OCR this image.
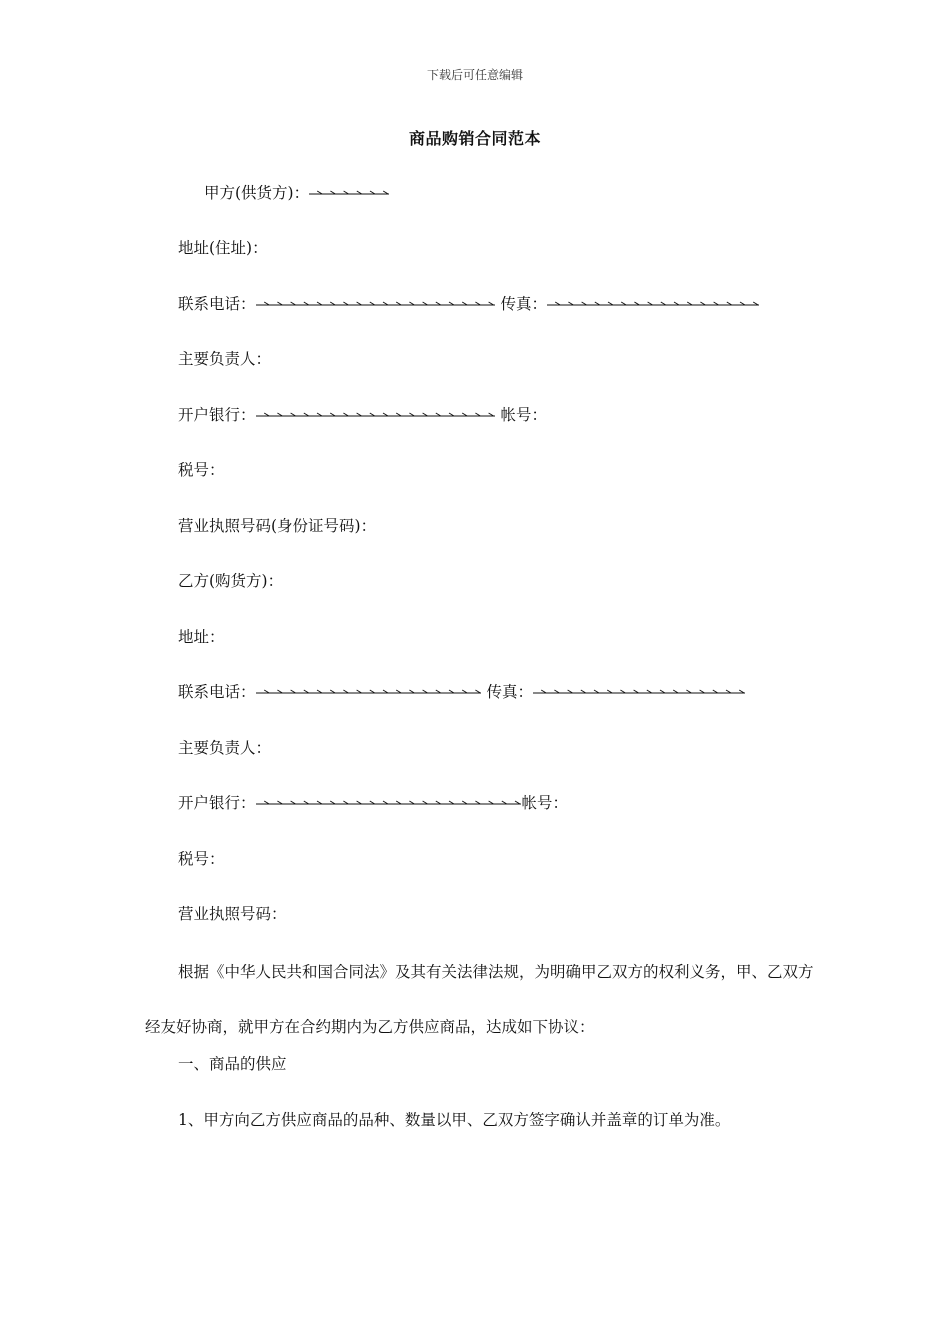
下载后可任意编辑
商品购销合同范本
甲方(供货方)：
地址(住址)：
联系电话：	传真：
主要负责人：
开户银行：	帐号：
税号：
营业执照号码(身份证号码)：
乙方(购货方)：
地址：
联系电话：	传真：
主要负责人：
开户银行：	帐号：
税号：
营业执照号码：
根据《中华人民共和国合同法》及其有关法律法规，为明确甲乙双方的权利义务，甲、乙双方经友好协商，就甲方在合约期内为乙方供应商品，达成如下协议：
一、商品的供应
1、甲方向乙方供应商品的品种、数量以甲、乙双方签字确认并盖章的订单为准。
